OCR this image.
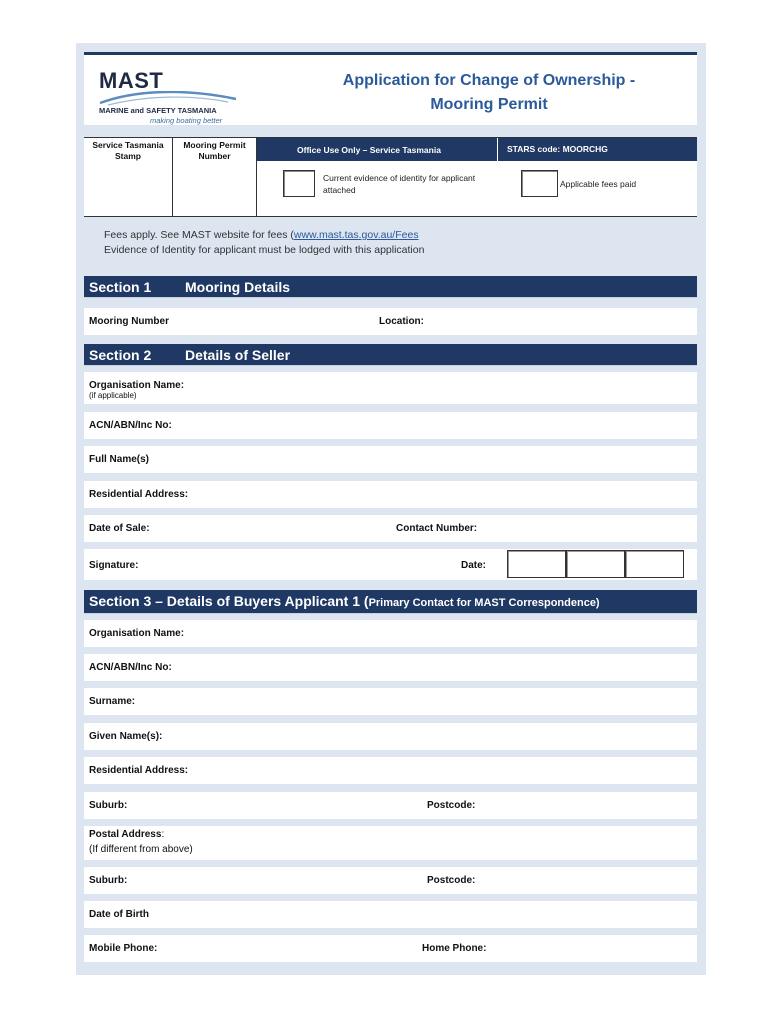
MAST
MARINE and SAFETY TASMANIA
making boating better
Application for Change of Ownership -
Mooring Permit
Service Tasmania
Stamp
Mooring Permit
Number
Office Use Only – Service Tasmania	STARS code: MOORCHG
Current evidence of identity for applicant
attached
Applicable fees paid
Fees apply. See MAST website for fees (www.mast.tas.gov.au/Fees
Evidence of Identity for applicant must be lodged with this application
Section 1 Mooring Details
Mooring Number	Location:
Section 2 Details of Seller
Organisation Name:
(if applicable)
ACN/ABN/Inc No:
Full Name(s)
Residential Address:
Date of Sale:	Contact Number:
Signature:	Date:
Section 3 – Details of Buyers Applicant 1 (Primary Contact for MAST Correspondence)
Organisation Name:
ACN/ABN/Inc No:
Surname:
Given Name(s):
Residential Address:
Suburb:	Postcode:
Postal Address:
(If different from above)
Suburb:	Postcode:
Date of Birth
Mobile Phone:	Home Phone:
